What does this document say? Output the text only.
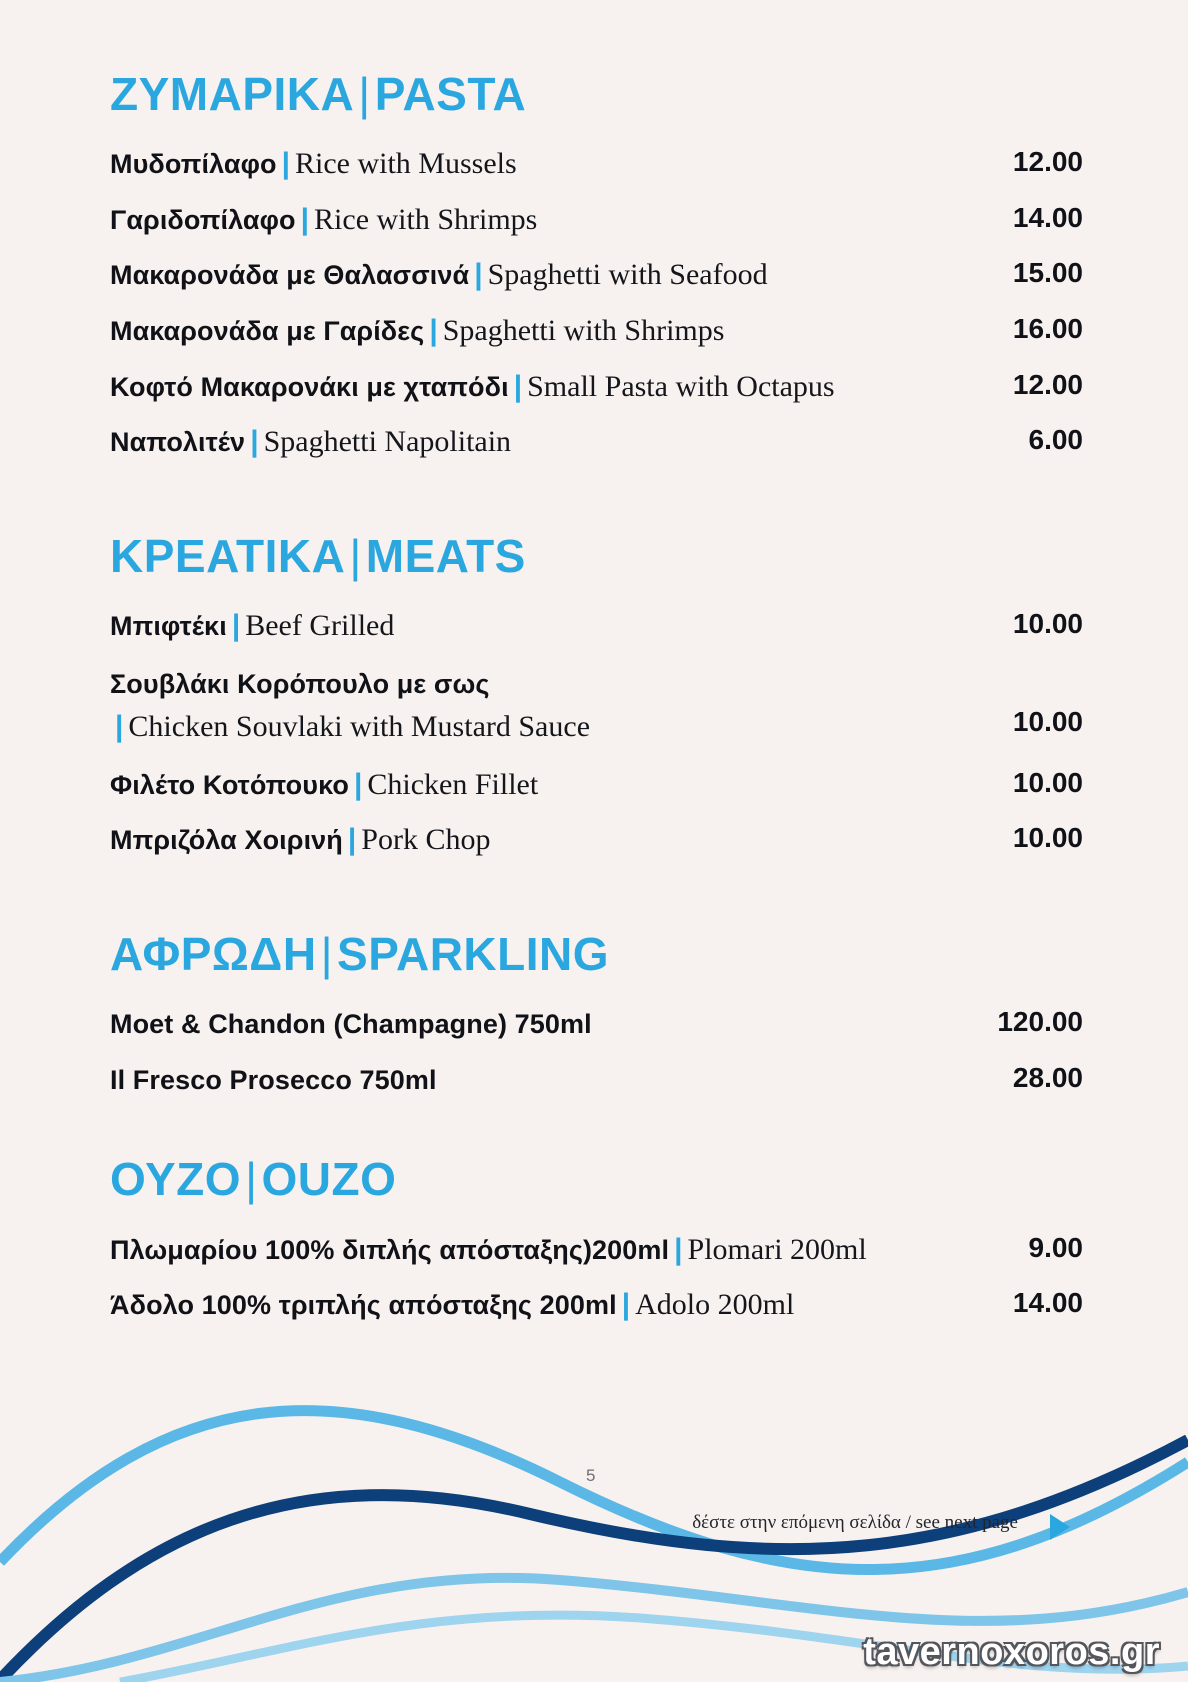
ΖΥΜΑΡΙΚΑ|PASTA
Μυδοπίλαφο | Rice with Mussels	12.00
Γαριδοπίλαφο | Rice with Shrimps	14.00
Μακαρονάδα με Θαλασσινά | Spaghetti with Seafood	15.00
Μακαρονάδα με Γαρίδες | Spaghetti with Shrimps	16.00
Κοφτό Μακαρονάκι με χταπόδι | Small Pasta with Octapus	12.00
Ναπολιτέν | Spaghetti Napolitain	6.00
ΚΡΕΑΤΙΚΑ|MEATS
Μπιφτέκι | Beef Grilled	10.00
Σουβλάκι Κορόπουλο με σως
| Chicken Souvlaki with Mustard Sauce	10.00
Φιλέτο Κοτόπουκο | Chicken Fillet	10.00
Μπριζόλα Χοιρινή | Pork Chop	10.00
ΑΦΡΩΔΗ|SPARKLING
Moet & Chandon (Champagne) 750ml	120.00
Il Fresco Prosecco 750ml	28.00
ΟΥΖΟ|OUZO
Πλωμαρίου 100% διπλής απόσταξης)200ml | Plomari 200ml	9.00
Άδολο 100% τριπλής απόσταξης 200ml | Adolo 200ml	14.00
5
δέστε στην επόμενη σελίδα / see next page
tavernoxoros.gr
